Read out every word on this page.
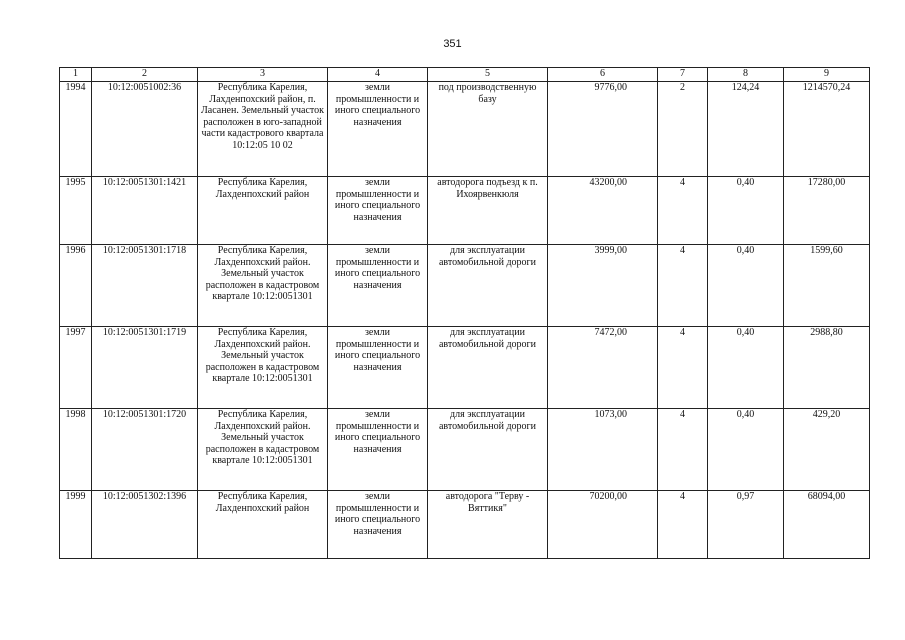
351
1	2	3	4	5	6	7	8	9
1994	10:12:0051002:36	Республика Карелия, Лахденпохский район, п. Ласанен. Земельный участок расположен в юго-западной части кадастрового квартала 10:12:05 10 02	земли промышленности и иного специального назначения	под производственную базу	9776,00	2	124,24	1214570,24
1995	10:12:0051301:1421	Республика Карелия, Лахденпохский район	земли промышленности и иного специального назначения	автодорога подъезд к п. Ихоярвенкюля	43200,00	4	0,40	17280,00
1996	10:12:0051301:1718	Республика Карелия, Лахденпохский район. Земельный участок расположен в кадастровом квартале 10:12:0051301	земли промышленности и иного специального назначения	для эксплуатации автомобильной дороги	3999,00	4	0,40	1599,60
1997	10:12:0051301:1719	Республика Карелия, Лахденпохский район. Земельный участок расположен в кадастровом квартале 10:12:0051301	земли промышленности и иного специального назначения	для эксплуатации автомобильной дороги	7472,00	4	0,40	2988,80
1998	10:12:0051301:1720	Республика Карелия, Лахденпохский район. Земельный участок расположен в кадастровом квартале 10:12:0051301	земли промышленности и иного специального назначения	для эксплуатации автомобильной дороги	1073,00	4	0,40	429,20
1999	10:12:0051302:1396	Республика Карелия, Лахденпохский район	земли промышленности и иного специального назначения	автодорога "Терву - Вяттикя"	70200,00	4	0,97	68094,00
